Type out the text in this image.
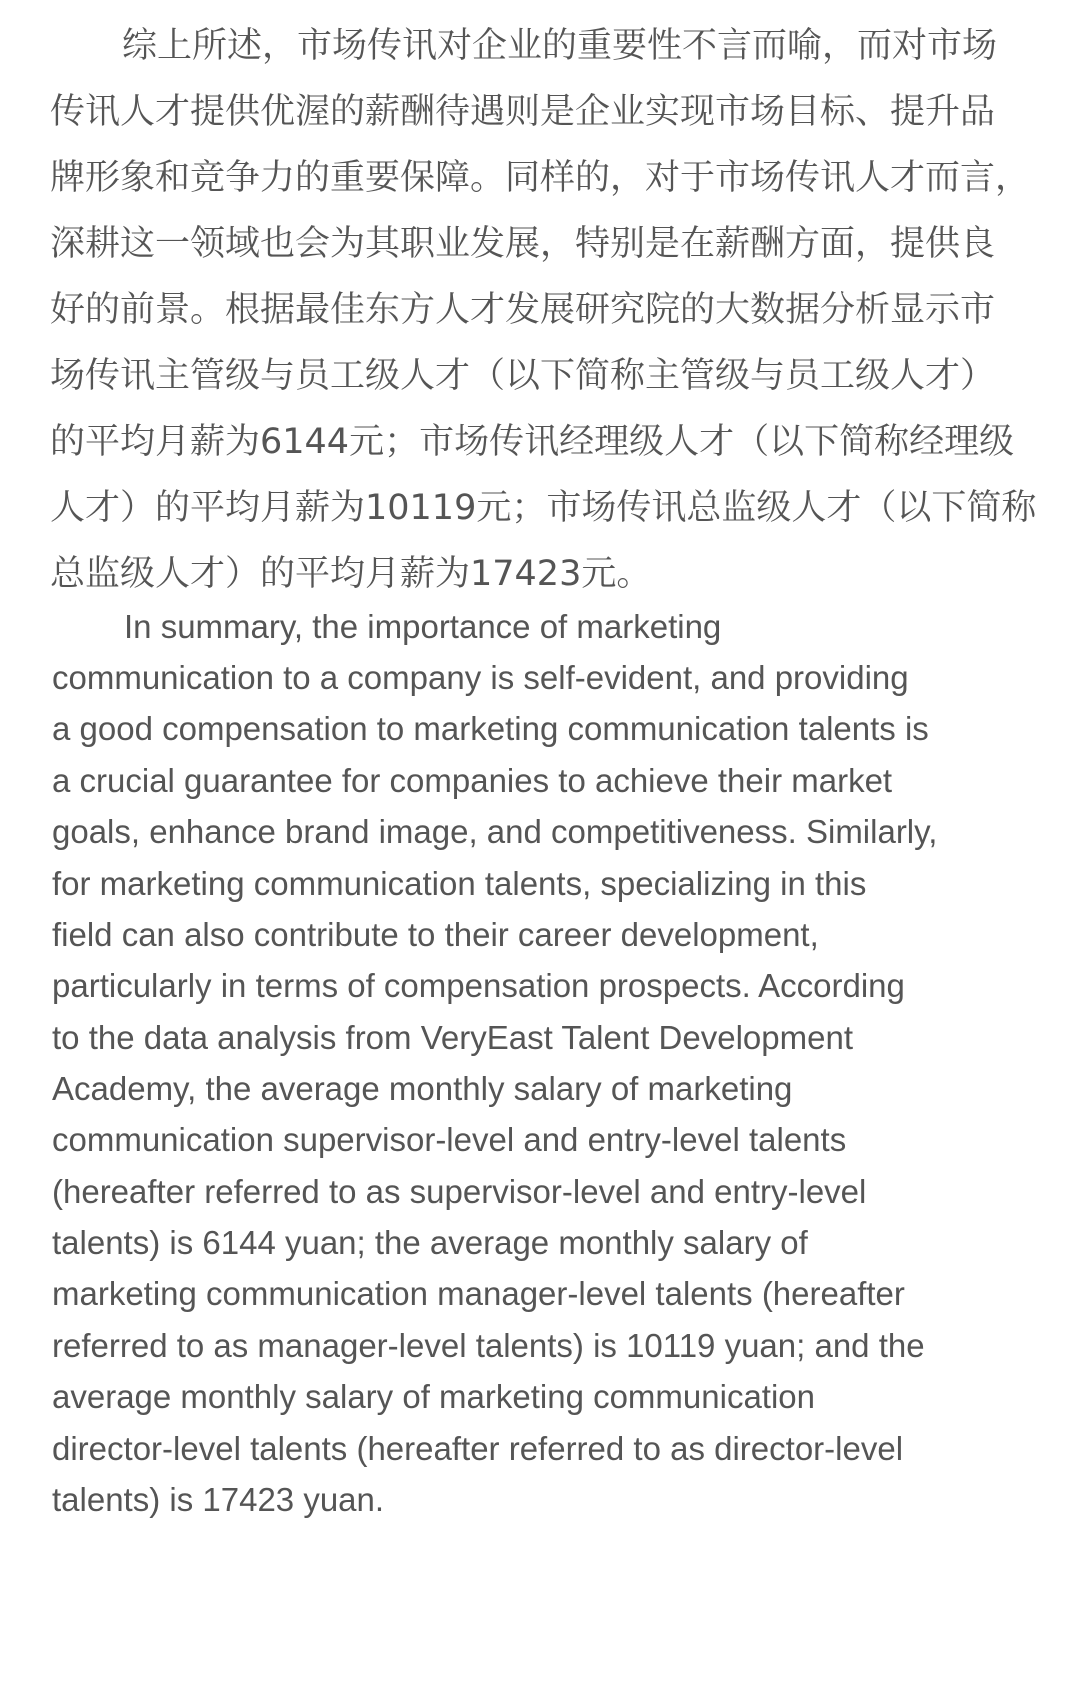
综上所述，市场传讯对企业的重要性不言而喻，而对市场
传讯人才提供优渥的薪酬待遇则是企业实现市场目标、提升品
牌形象和竞争力的重要保障。同样的，对于市场传讯人才而言，
深耕这一领域也会为其职业发展，特别是在薪酬方面，提供良
好的前景。根据最佳东方人才发展研究院的大数据分析显示市
场传讯主管级与员工级人才（以下简称主管级与员工级人才）
的平均月薪为6144元；市场传讯经理级人才（以下简称经理级
人才）的平均月薪为10119元；市场传讯总监级人才（以下简称
总监级人才）的平均月薪为17423元。
In summary, the importance of marketing
communication to a company is self-evident, and providing
a good compensation to marketing communication talents is
a crucial guarantee for companies to achieve their market
goals, enhance brand image, and competitiveness. Similarly,
for marketing communication talents, specializing in this
field can also contribute to their career development,
particularly in terms of compensation prospects. According
to the data analysis from VeryEast Talent Development
Academy, the average monthly salary of marketing
communication supervisor-level and entry-level talents
(hereafter referred to as supervisor-level and entry-level
talents) is 6144 yuan; the average monthly salary of
marketing communication manager-level talents (hereafter
referred to as manager-level talents) is 10119 yuan; and the
average monthly salary of marketing communication
director-level talents (hereafter referred to as director-level
talents) is 17423 yuan.
